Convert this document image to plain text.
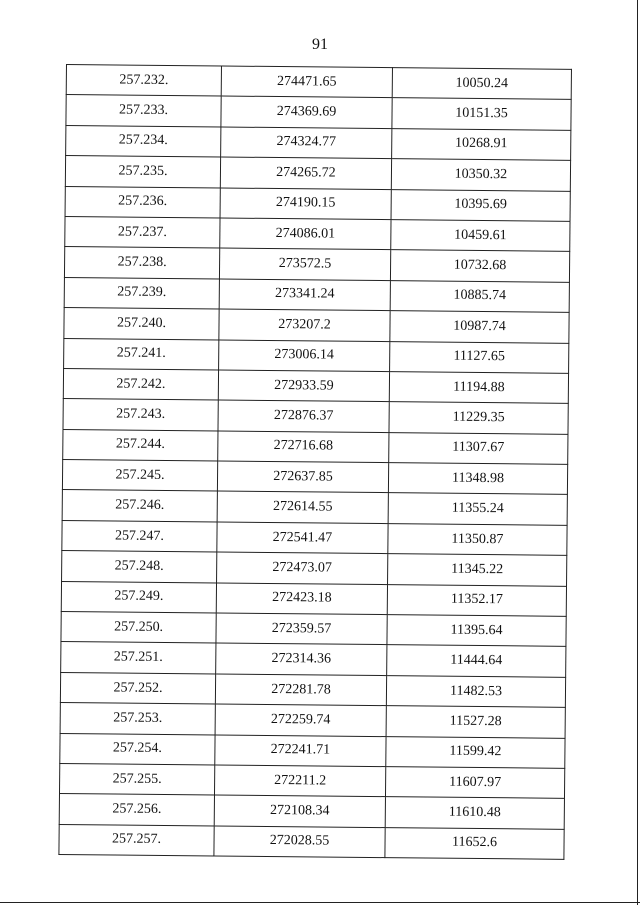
91
257.232.	274471.65	10050.24
257.233.	274369.69	10151.35
257.234.	274324.77	10268.91
257.235.	274265.72	10350.32
257.236.	274190.15	10395.69
257.237.	274086.01	10459.61
257.238.	273572.5	10732.68
257.239.	273341.24	10885.74
257.240.	273207.2	10987.74
257.241.	273006.14	11127.65
257.242.	272933.59	11194.88
257.243.	272876.37	11229.35
257.244.	272716.68	11307.67
257.245.	272637.85	11348.98
257.246.	272614.55	11355.24
257.247.	272541.47	11350.87
257.248.	272473.07	11345.22
257.249.	272423.18	11352.17
257.250.	272359.57	11395.64
257.251.	272314.36	11444.64
257.252.	272281.78	11482.53
257.253.	272259.74	11527.28
257.254.	272241.71	11599.42
257.255.	272211.2	11607.97
257.256.	272108.34	11610.48
257.257.	272028.55	11652.6
